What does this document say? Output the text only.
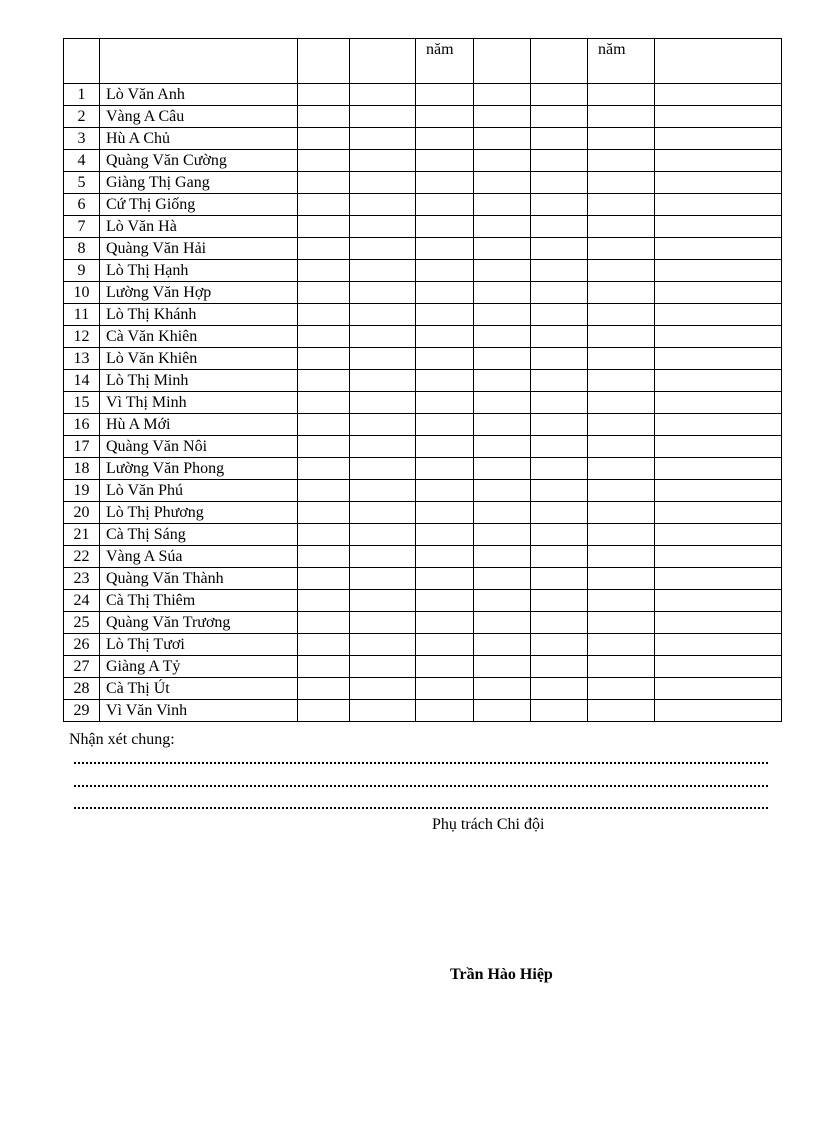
				năm			năm	
1	Lò Văn Anh							
2	Vàng A Câu							
3	Hù A Chủ							
4	Quàng Văn Cường							
5	Giàng Thị Gang							
6	Cứ Thị Giống							
7	Lò Văn Hà							
8	Quàng Văn Hải							
9	Lò Thị Hạnh							
10	Lường Văn Hợp							
11	Lò Thị Khánh							
12	Cà Văn Khiên							
13	Lò Văn Khiên							
14	Lò Thị Minh							
15	Vì Thị Minh							
16	Hù A Mới							
17	Quàng Văn Nôi							
18	Lường Văn Phong							
19	Lò Văn Phú							
20	Lò Thị Phương							
21	Cà Thị Sáng							
22	Vàng A Súa							
23	Quàng Văn Thành							
24	Cà Thị Thiêm							
25	Quàng Văn Trương							
26	Lò Thị Tươi							
27	Giàng A Tỷ							
28	Cà Thị Út							
29	Vì Văn Vinh							
Nhận xét chung:
Phụ trách Chi đội
Trần Hào Hiệp
